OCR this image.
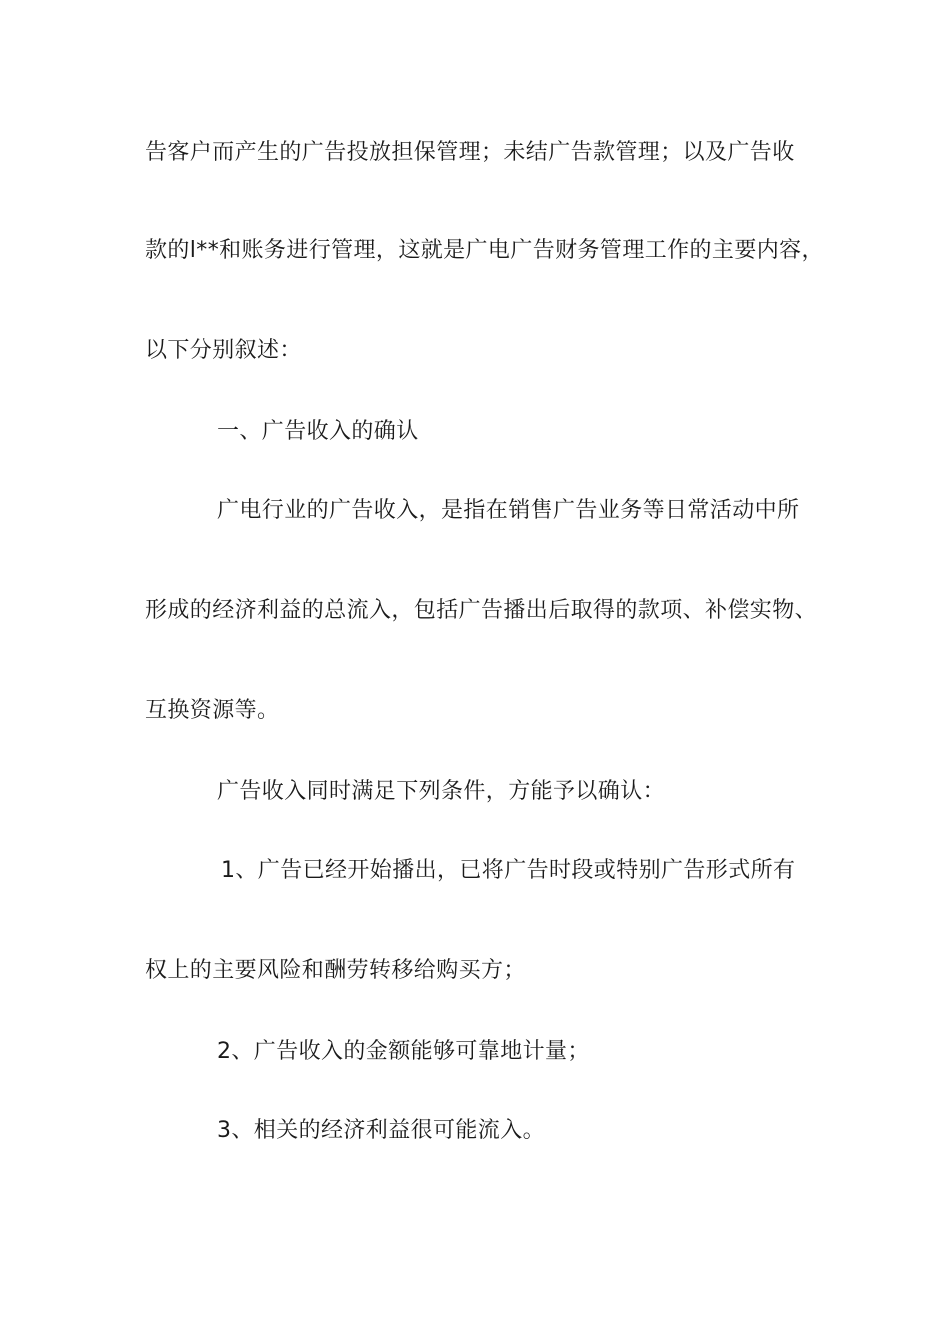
告客户而产生的广告投放担保管理；未结广告款管理；以及广告收
款的l**和账务进行管理，这就是广电广告财务管理工作的主要内容，
以下分别叙述：
一、广告收入的确认
广电行业的广告收入，是指在销售广告业务等日常活动中所
形成的经济利益的总流入，包括广告播出后取得的款项、补偿实物、
互换资源等。
广告收入同时满足下列条件，方能予以确认：
1、广告已经开始播出，已将广告时段或特别广告形式所有
权上的主要风险和酬劳转移给购买方；
2、广告收入的金额能够可靠地计量；
3、相关的经济利益很可能流入。
